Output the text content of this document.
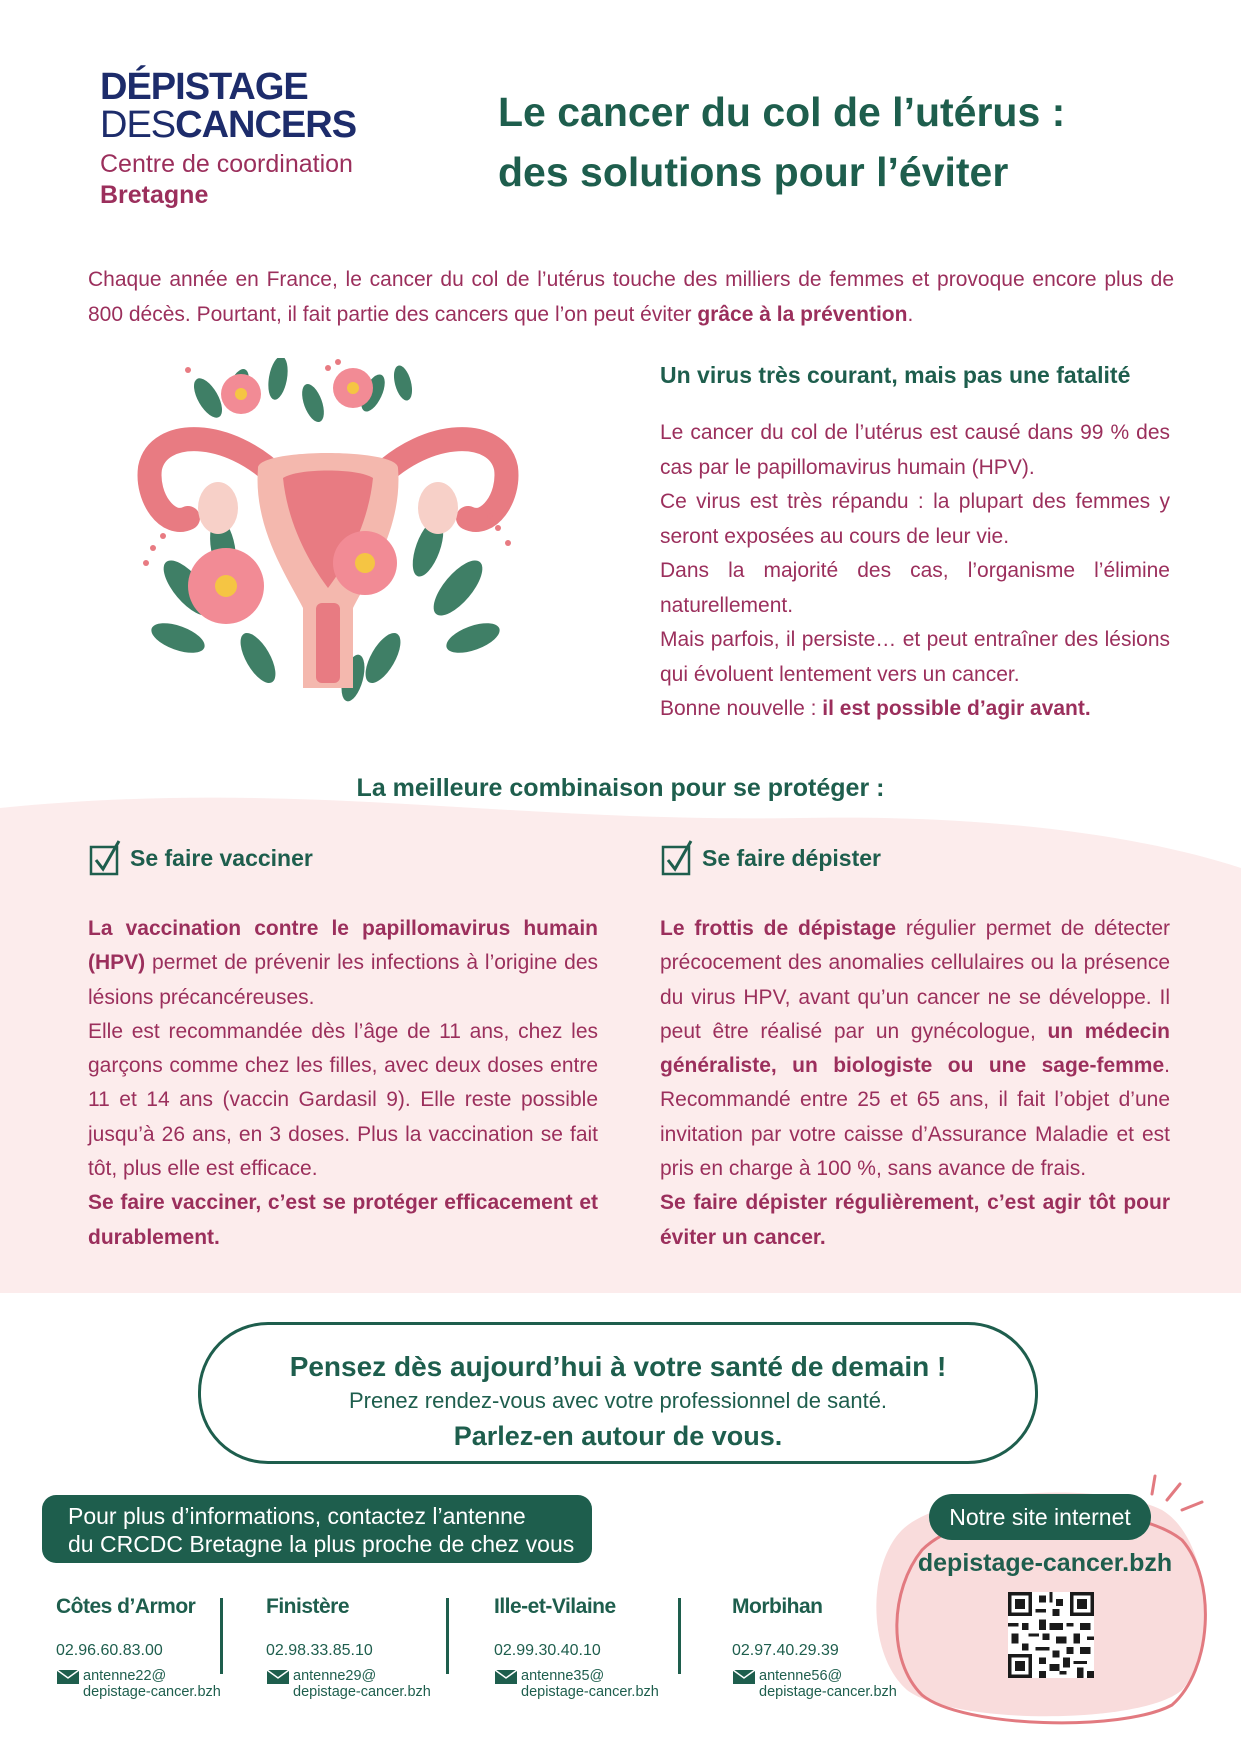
DÉPISTAGE
DESCANCERS
Centre de coordination
Bretagne
Le cancer du col de l’utérus :
des solutions pour l’éviter

Chaque année en France, le cancer du col de l’utérus touche des milliers de femmes et provoque encore plus de 800 décès. Pourtant, il fait partie des cancers que l’on peut éviter grâce à la prévention.

Un virus très courant, mais pas une fatalité

Le cancer du col de l’utérus est causé dans 99 % des cas par le papillomavirus humain (HPV).

Ce virus est très répandu : la plupart des femmes y seront exposées au cours de leur vie.

Dans la majorité des cas, l’organisme l’élimine naturellement.

Mais parfois, il persiste… et peut entraîner des lésions qui évoluent lentement vers un cancer.

Bonne nouvelle : il est possible d’agir avant.

La meilleure combinaison pour se protéger :
Se faire vacciner

La vaccination contre le papillomavirus humain (HPV) permet de prévenir les infections à l’origine des lésions précancéreuses.

Elle est recommandée dès l’âge de 11 ans, chez les garçons comme chez les filles, avec deux doses entre 11 et 14 ans (vaccin Gardasil 9). Elle reste possible jusqu’à 26 ans, en 3 doses. Plus la vaccination se fait tôt, plus elle est efficace.

Se faire vacciner, c’est se protéger efficacement et durablement.

Se faire dépister

Le frottis de dépistage régulier permet de détecter précocement des anomalies cellulaires ou la présence du virus HPV, avant qu’un cancer ne se développe. Il peut être réalisé par un gynécologue, un médecin généraliste, un biologiste ou une sage-femme. Recommandé entre 25 et 65 ans, il fait l’objet d’une invitation par votre caisse d’Assurance Maladie et est pris en charge à 100 %, sans avance de frais.

Se faire dépister régulièrement, c’est agir tôt pour éviter un cancer.

Pensez dès aujourd’hui à votre santé de demain !
Prenez rendez-vous avec votre professionnel de santé.
Parlez-en autour de vous.
Pour plus d’informations, contactez l’antenne
du CRCDC Bretagne la plus proche de chez vous
Notre site internet
depistage-cancer.bzh
Côtes d’Armor
02.96.60.83.00
antenne22@
depistage-cancer.bzh
Finistère
02.98.33.85.10
antenne29@
depistage-cancer.bzh
Ille-et-Vilaine
02.99.30.40.10
antenne35@
depistage-cancer.bzh
Morbihan
02.97.40.29.39
antenne56@
depistage-cancer.bzh
